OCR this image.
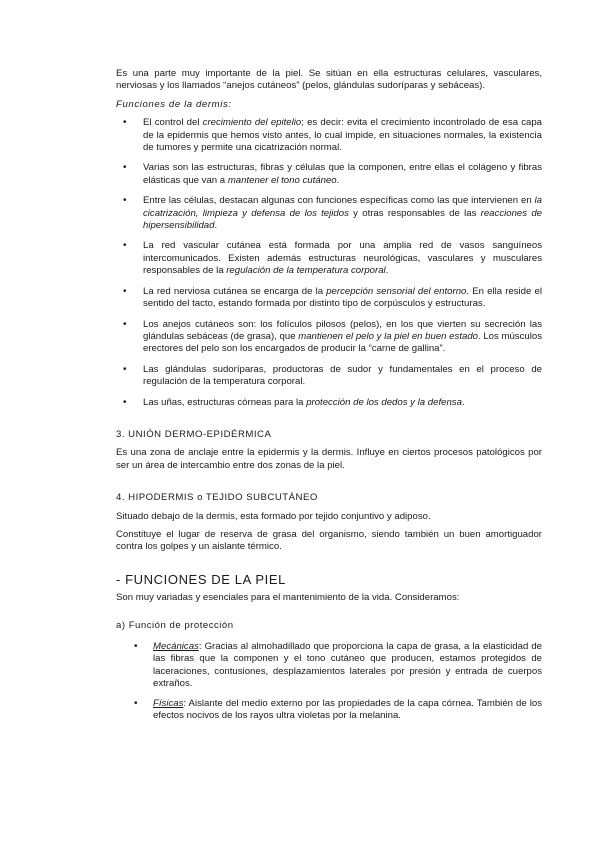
Es una parte muy importante de la piel. Se sitúan en ella estructuras celulares, vasculares, nerviosas y los llamados “anejos cutáneos” (pelos, glándulas sudoríparas y sebáceas).

Funciones de la dermis:

• El control del crecimiento del epitelio; es decir: evita el crecimiento incontrolado de esa capa de la epidermis que hemos visto antes, lo cual impide, en situaciones normales, la existencia de tumores y permite una cicatrización normal.
• Varias son las estructuras, fibras y células que la componen, entre ellas el colágeno y fibras elásticas que van a mantener el tono cutáneo.
• Entre las células, destacan algunas con funciones específicas como las que intervienen en la cicatrización, limpieza y defensa de los tejidos y otras responsables de las reacciones de hipersensibilidad.
• La red vascular cutánea está formada por una amplia red de vasos sanguíneos intercomunicados. Existen además estructuras neurológicas, vasculares y musculares responsables de la regulación de la temperatura corporal.
• La red nerviosa cutánea se encarga de la percepción sensorial del entorno. En ella reside el sentido del tacto, estando formada por distinto tipo de corpúsculos y estructuras.
• Los anejos cutáneos son: los folículos pilosos (pelos), en los que vierten su secreción las glándulas sebáceas (de grasa), que mantienen el pelo y la piel en buen estado. Los músculos erectores del pelo son los encargados de producir la “carne de gallina”.
• Las glándulas sudoríparas, productoras de sudor y fundamentales en el proceso de regulación de la temperatura corporal.
• Las uñas, estructuras córneas para la protección de los dedos y la defensa.

3. UNIÓN DERMO-EPIDÉRMICA

Es una zona de anclaje entre la epidermis y la dermis. Influye en ciertos procesos patológicos por ser un área de intercambio entre dos zonas de la piel.

4. HIPODERMIS o TEJIDO SUBCUTÁNEO

Situado debajo de la dermis, esta formado por tejido conjuntivo y adiposo.

Constituye el lugar de reserva de grasa del organismo, siendo también un buen amortiguador contra los golpes y un aislante térmico.

- FUNCIONES DE LA PIEL

Son muy variadas y esenciales para el mantenimiento de la vida. Consideramos:

a) Función de protección

• Mecánicas: Gracias al almohadillado que proporciona la capa de grasa, a la elasticidad de las fibras que la componen y el tono cutáneo que producen, estamos protegidos de laceraciones, contusiones, desplazamientos laterales por presión y entrada de cuerpos extraños.
• Físicas: Aislante del medio externo por las propiedades de la capa córnea. También de los efectos nocivos de los rayos ultra violetas por la melanina.
